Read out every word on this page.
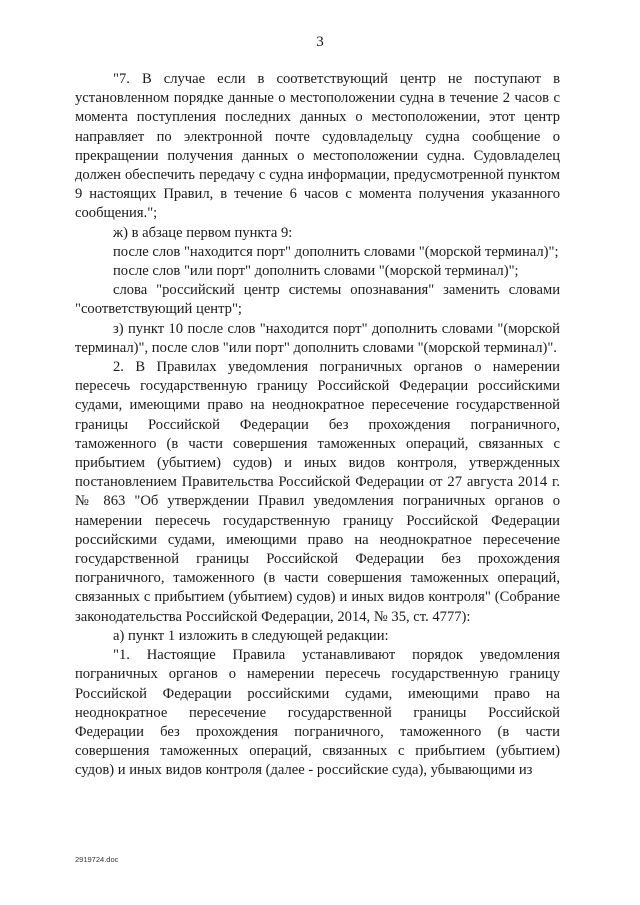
3

"7. В случае если в соответствующий центр не поступают в установленном порядке данные о местоположении судна в течение 2 часов с момента поступления последних данных о местоположении, этот центр направляет по электронной почте судовладельцу судна сообщение о прекращении получения данных о местоположении судна. Судовладелец должен обеспечить передачу с судна информации, предусмотренной пунктом 9 настоящих Правил, в течение 6 часов с момента получения указанного сообщения.";

ж) в абзаце первом пункта 9:

после слов "находится порт" дополнить словами "(морской терминал)";

после слов "или порт" дополнить словами "(морской терминал)";

слова "российский центр системы опознавания" заменить словами "соответствующий центр";

з) пункт 10 после слов "находится порт" дополнить словами "(морской терминал)", после слов "или порт" дополнить словами "(морской терминал)".

2. В Правилах уведомления пограничных органов о намерении пересечь государственную границу Российской Федерации российскими судами, имеющими право на неоднократное пересечение государственной границы Российской Федерации без прохождения пограничного, таможенного (в части совершения таможенных операций, связанных с прибытием (убытием) судов) и иных видов контроля, утвержденных постановлением Правительства Российской Федерации от 27 августа 2014 г. № 863 "Об утверждении Правил уведомления пограничных органов о намерении пересечь государственную границу Российской Федерации российскими судами, имеющими право на неоднократное пересечение государственной границы Российской Федерации без прохождения пограничного, таможенного (в части совершения таможенных операций, связанных с прибытием (убытием) судов) и иных видов контроля" (Собрание законодательства Российской Федерации, 2014, № 35, ст. 4777):

а) пункт 1 изложить в следующей редакции:

"1. Настоящие Правила устанавливают порядок уведомления пограничных органов о намерении пересечь государственную границу Российской Федерации российскими судами, имеющими право на неоднократное пересечение государственной границы Российской Федерации без прохождения пограничного, таможенного (в части совершения таможенных операций, связанных с прибытием (убытием) судов) и иных видов контроля (далее - российские суда), убывающими из

2919724.doc
